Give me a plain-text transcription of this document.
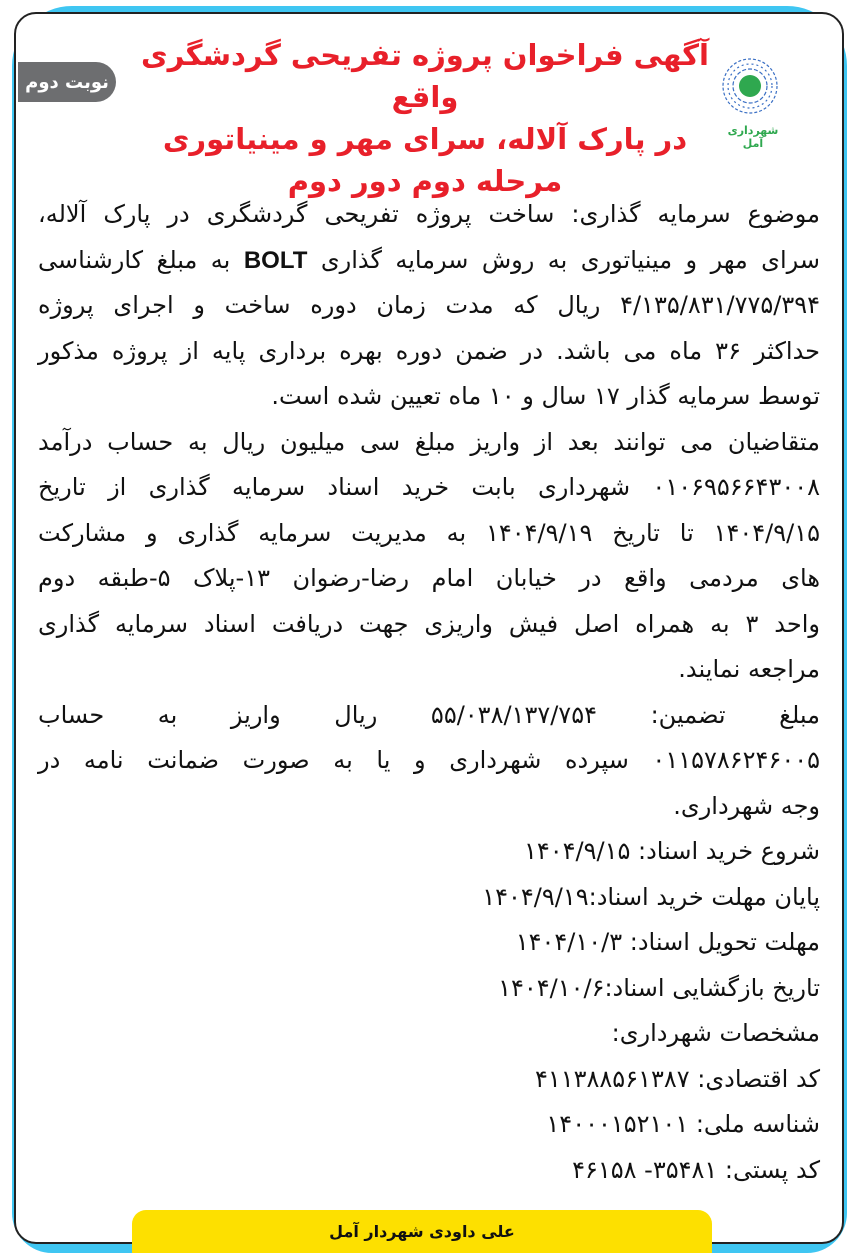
نوبت دوم
شهرداری آمل
آگهی فراخوان پروژه تفریحی گردشگری واقع
در پارک آلاله، سرای مهر و مینیاتوری
مرحله دوم دور دوم
موضوع سرمایه گذاری: ساخت پروژه تفریحی گردشگری در پارک آلاله،
سرای مهر و مینیاتوری به روش سرمایه گذاری BOLT به مبلغ کارشناسی
۴/۱۳۵/۸۳۱/۷۷۵/۳۹۴ ریال که مدت زمان دوره ساخت و اجرای پروژه
حداکثر ۳۶ ماه می باشد. در ضمن دوره بهره برداری پایه از پروژه مذکور
توسط سرمایه گذار ۱۷ سال و ۱۰ ماه تعیین شده است.
متقاضیان می توانند بعد از واریز مبلغ سی میلیون ریال به حساب درآمد
۰۱۰۶۹۵۶۶۴۳۰۰۸ شهرداری بابت خرید اسناد سرمایه گذاری از تاریخ
۱۴۰۴/۹/۱۵ تا تاریخ ۱۴۰۴/۹/۱۹ به مدیریت سرمایه گذاری و مشارکت
های مردمی واقع در خیابان امام رضا-رضوان ۱۳-پلاک ۵-طبقه دوم
واحد ۳ به همراه اصل فیش واریزی جهت دریافت اسناد سرمایه گذاری
مراجعه نمایند.
مبلغ تضمین: ۵۵/۰۳۸/۱۳۷/۷۵۴ ریال واریز به حساب
۰۱۱۵۷۸۶۲۴۶۰۰۵ سپرده شهرداری و یا به صورت ضمانت نامه در
وجه شهرداری.
شروع خرید اسناد: ۱۴۰۴/۹/۱۵
پایان مهلت خرید اسناد:۱۴۰۴/۹/۱۹
مهلت تحویل اسناد: ۱۴۰۴/۱۰/۳
تاریخ بازگشایی اسناد:۱۴۰۴/۱۰/۶
مشخصات شهرداری:
کد اقتصادی: ۴۱۱۳۸۸۵۶۱۳۸۷
شناسه ملی: ۱۴۰۰۰۱۵۲۱۰۱
کد پستی: ۳۵۴۸۱- ۴۶۱۵۸
علی داودی شهردار آمل
